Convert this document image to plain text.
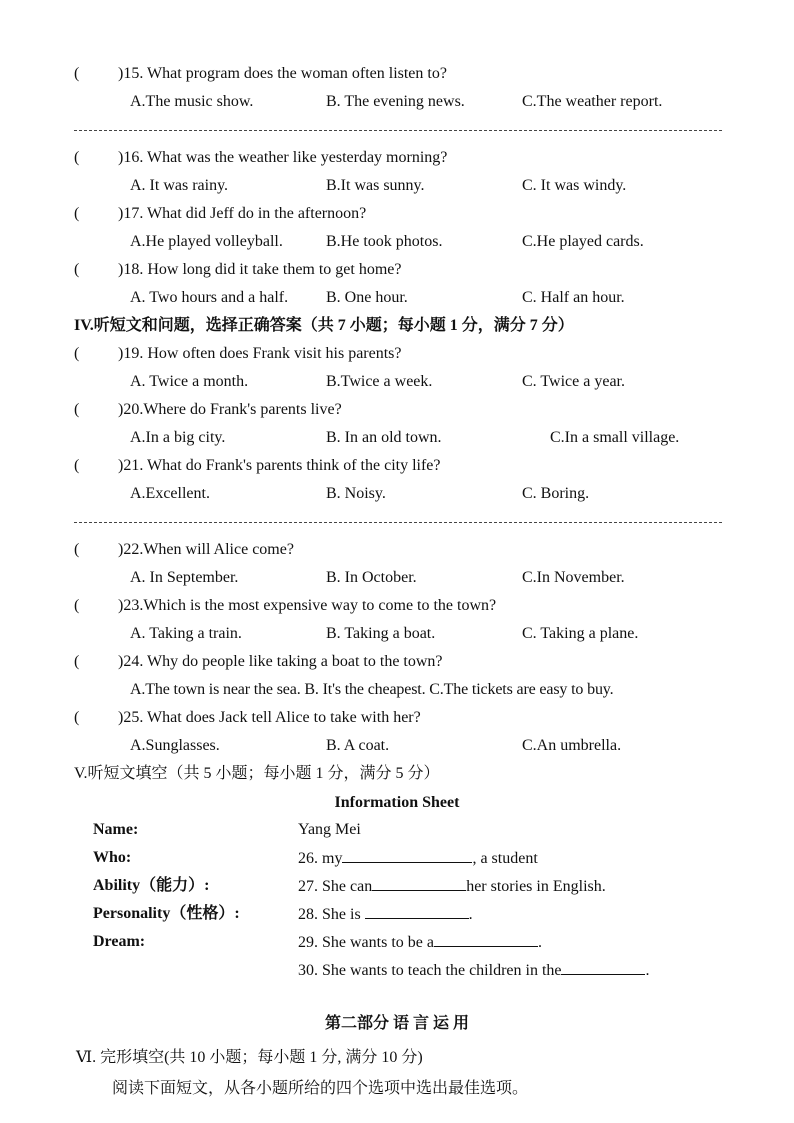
( )15. What program does the woman often listen to?
A.The music show.	B. The evening news.	C.The weather report.
( )16. What was the weather like yesterday morning?
A. It was rainy.	B.It was sunny.	C. It was windy.
( )17. What did Jeff do in the afternoon?
A.He played volleyball.	B.He took photos.	C.He played cards.
( )18. How long did it take them to get home?
A. Two hours and a half. B. One hour.	C. Half an hour.
IV.听短文和问题，选择正确答案（共 7 小题；每小题 1 分，满分 7 分）
( )19. How often does Frank visit his parents?
A. Twice a month.	B.Twice a week.	C. Twice a year.
( )20.Where do Frank's parents live?
A.In a big city.	B. In an old town.	C.In a small village.
( )21. What do Frank's parents think of the city life?
A.Excellent.	B. Noisy.	C. Boring.
( )22.When will Alice come?
A. In September.	B. In October.	C.In November.
( )23.Which is the most expensive way to come to the town?
A. Taking a train.	B. Taking a boat.	C. Taking a plane.
( )24. Why do people like taking a boat to the town?
A.The town is near the sea. B. It's the cheapest. C.The tickets are easy to buy.
( )25. What does Jack tell Alice to take with her?
A.Sunglasses.	B. A coat.	C.An umbrella.
V.听短文填空（共 5 小题；每小题 1 分，满分 5 分）
Information Sheet
Name:	Yang Mei
Who:	26. my	, a student
Ability（能力）:	27. She can	her stories in English.
Personality（性格）:	28. She is	.
Dream:	29. She wants to be a	.
30. She wants to teach the children in the	.
第二部分 语 言 运 用
Ⅵ. 完形填空(共 10 小题；每小题 1 分, 满分 10 分)
阅读下面短文，从各小题所给的四个选项中选出最佳选项。
